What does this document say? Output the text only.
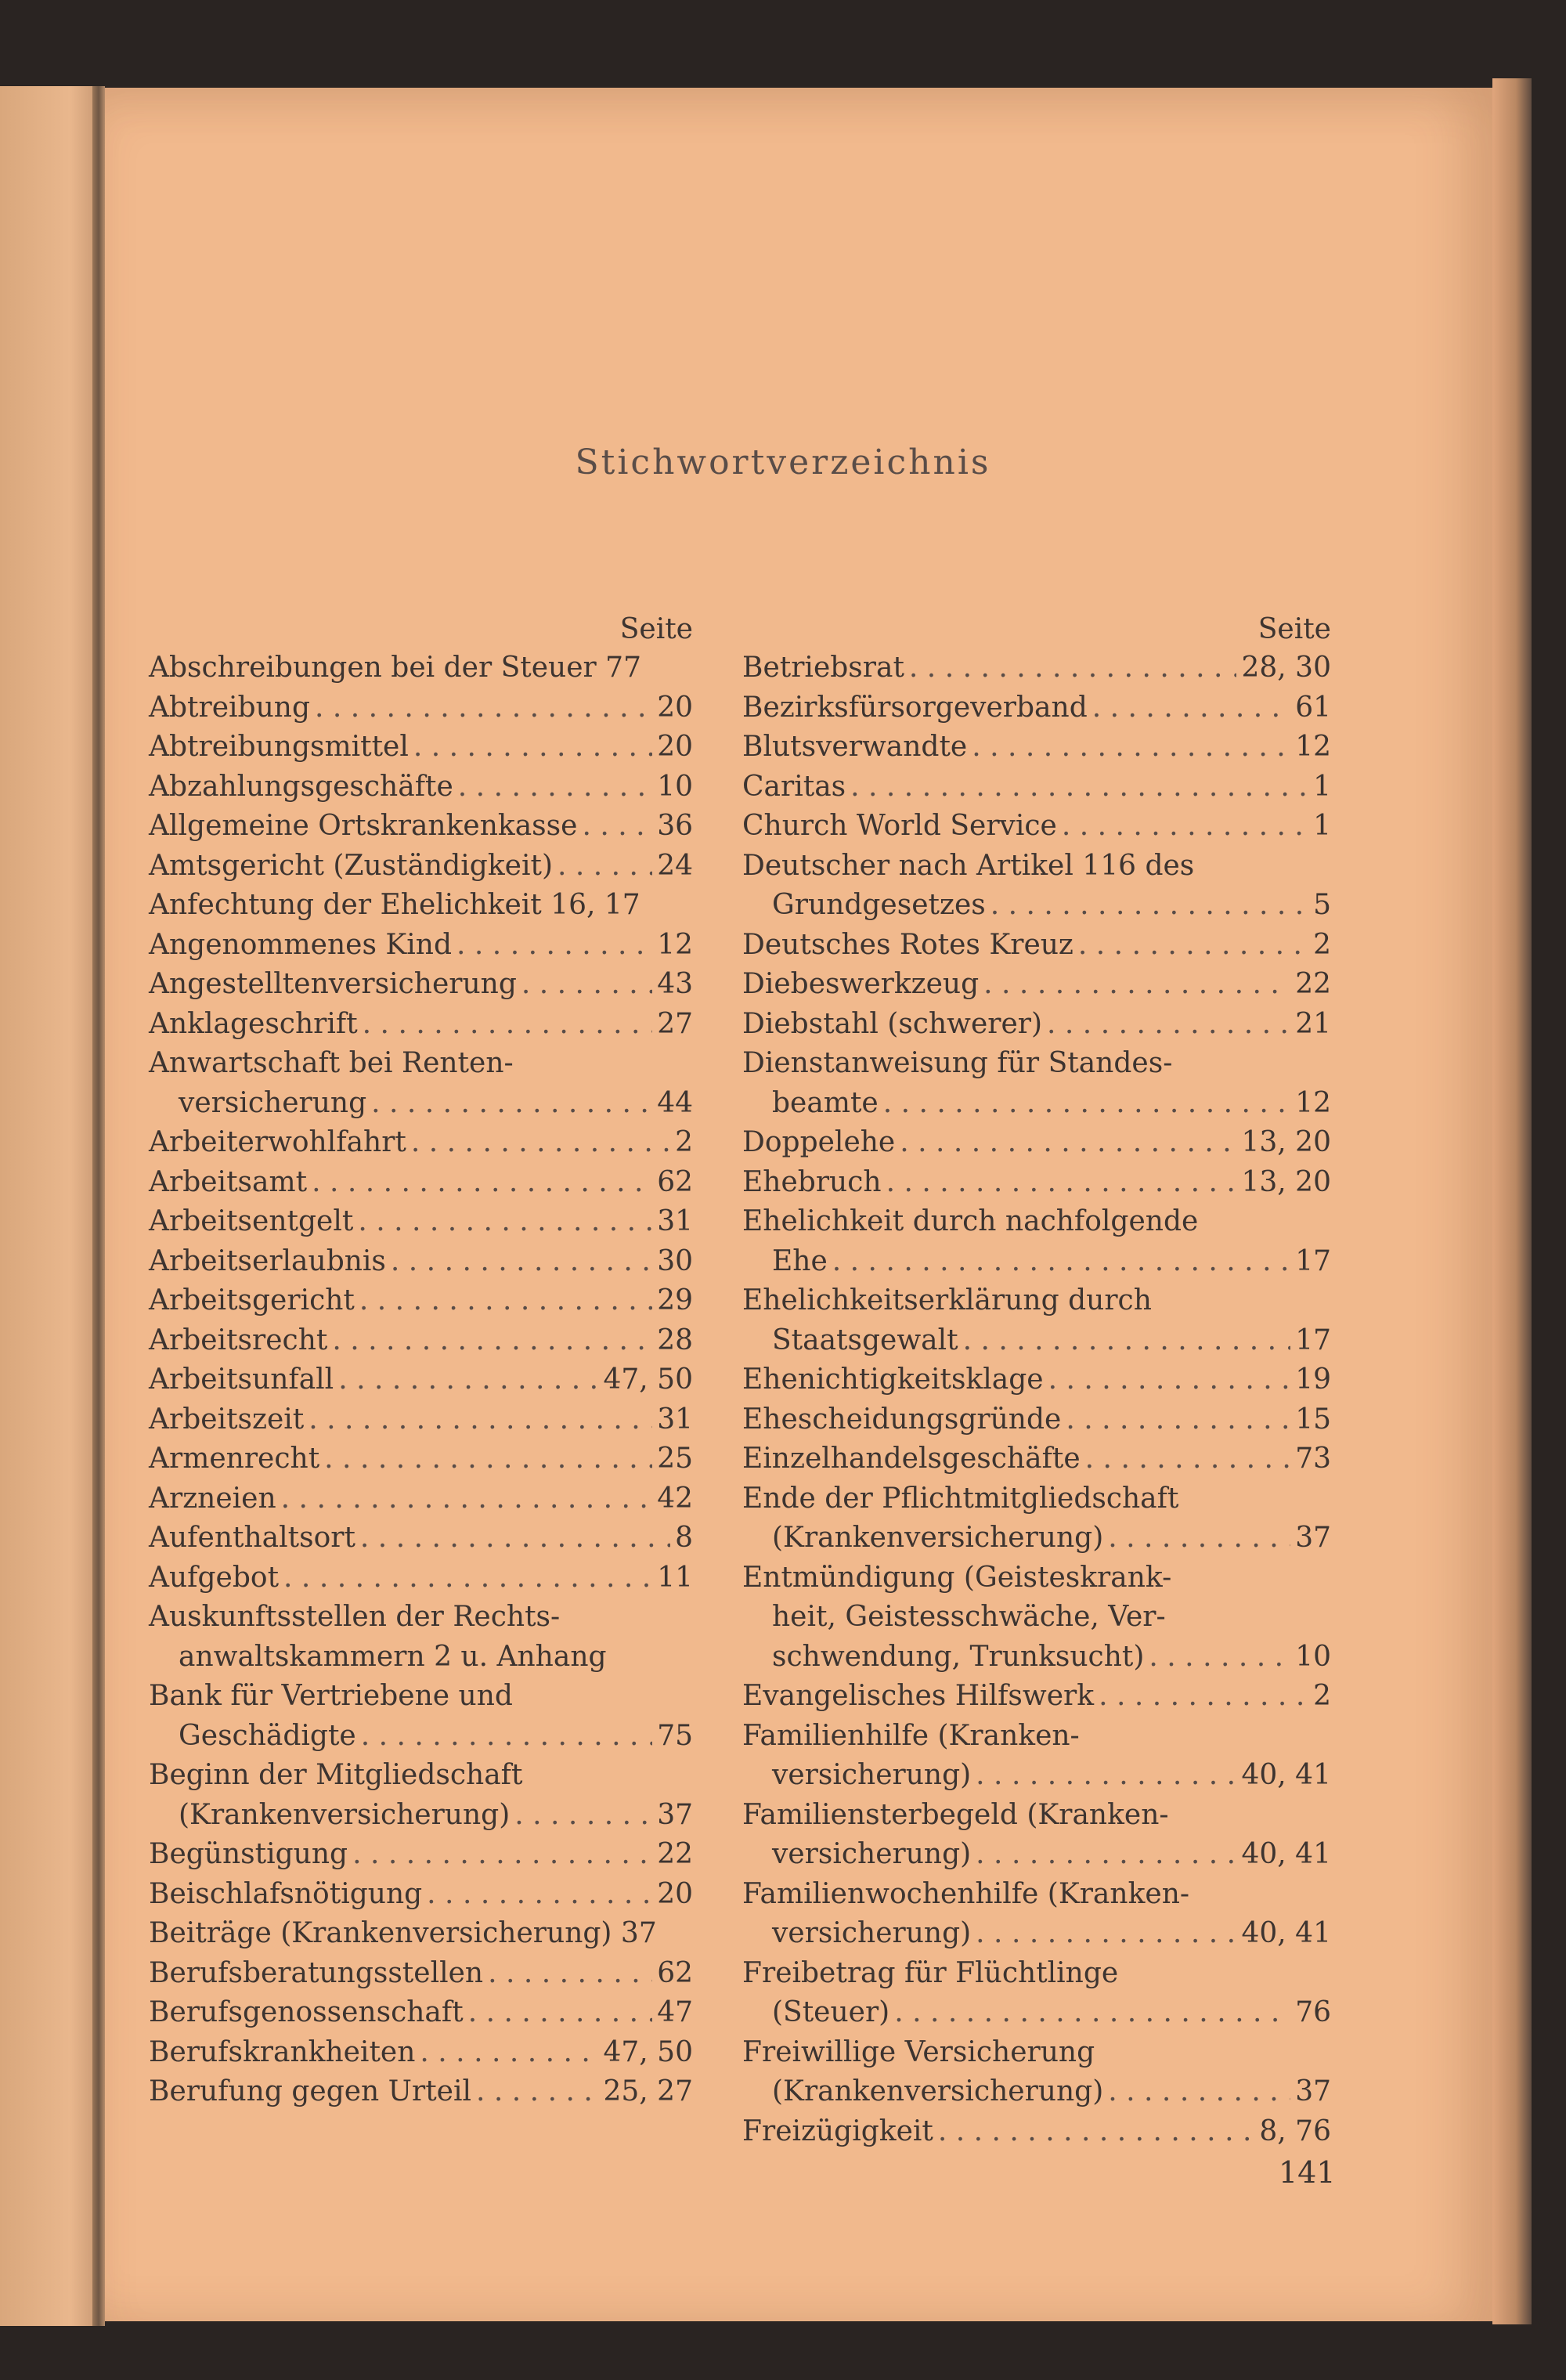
Stichwortverzeichnis
Seite
Abschreibungen bei der Steuer 77
Abtreibung . . .	20
Abtreibungsmittel . . .	20
Abzahlungsgeschäfte . . .	10
Allgemeine Ortskrankenkasse . . .	36
Amtsgericht (Zuständigkeit) . . .	24
Anfechtung der Ehelichkeit 16, 17
Angenommenes Kind . . .	12
Angestelltenversicherung . . .	43
Anklageschrift . . .	27
Anwartschaft bei Renten-
versicherung . . .	44
Arbeiterwohlfahrt . . .	2
Arbeitsamt . . .	62
Arbeitsentgelt . . .	31
Arbeitserlaubnis . . .	30
Arbeitsgericht . . .	29
Arbeitsrecht . . .	28
Arbeitsunfall . . .	47, 50
Arbeitszeit . . .	31
Armenrecht . . .	25
Arzneien . . .	42
Aufenthaltsort . . .	8
Aufgebot . . .	11
Auskunftsstellen der Rechts-
anwaltskammern 2 u. Anhang
Bank für Vertriebene und
Geschädigte . . .	75
Beginn der Mitgliedschaft
(Krankenversicherung) . . .	37
Begünstigung . . .	22
Beischlafsnötigung . . .	20
Beiträge (Krankenversicherung) 37
Berufsberatungsstellen . . .	62
Berufsgenossenschaft . . .	47
Berufskrankheiten . . .	47, 50
Berufung gegen Urteil . . .	25, 27
Seite
Betriebsrat . . .	28, 30
Bezirksfürsorgeverband . . .	61
Blutsverwandte . . .	12
Caritas . . .	1
Church World Service . . .	1
Deutscher nach Artikel 116 des
Grundgesetzes . . .	5
Deutsches Rotes Kreuz . . .	2
Diebeswerkzeug . . .	22
Diebstahl (schwerer) . . .	21
Dienstanweisung für Standes-
beamte . . .	12
Doppelehe . . .	13, 20
Ehebruch . . .	13, 20
Ehelichkeit durch nachfolgende
Ehe . . .	17
Ehelichkeitserklärung durch
Staatsgewalt . . .	17
Ehenichtigkeitsklage . . .	19
Ehescheidungsgründe . . .	15
Einzelhandelsgeschäfte . . .	73
Ende der Pflichtmitgliedschaft
(Krankenversicherung) . . .	37
Entmündigung (Geisteskrank-
heit, Geistesschwäche, Ver-
schwendung, Trunksucht) . . .	10
Evangelisches Hilfswerk . . .	2
Familienhilfe (Kranken-
versicherung) . . .	40, 41
Familiensterbegeld (Kranken-
versicherung) . . .	40, 41
Familienwochenhilfe (Kranken-
versicherung) . . .	40, 41
Freibetrag für Flüchtlinge
(Steuer) . . .	76
Freiwillige Versicherung
(Krankenversicherung) . . .	37
Freizügigkeit . . .	8, 76
141
